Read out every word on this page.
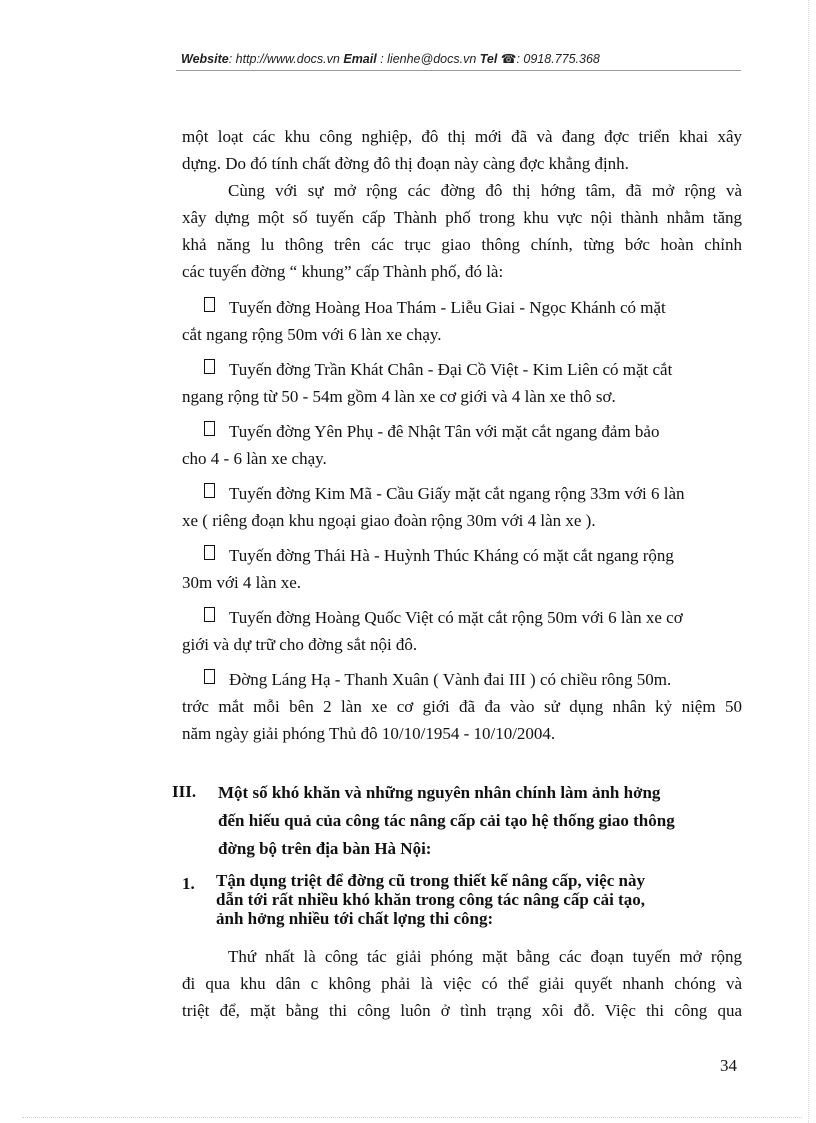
Website: http://www.docs.vn Email : lienhe@docs.vn Tel ☎: 0918.775.368
một loạt các khu công nghiệp, đô thị mới đã và đang đợc triển khai xây
dựng. Do đó tính chất đờng đô thị đoạn này càng đợc khẳng định.
Cùng với sự mở rộng các đờng đô thị hớng tâm, đã mở rộng và
xây dựng một số tuyến cấp Thành phố trong khu vực nội thành nhằm tăng
khả năng lu thông trên các trục giao thông chính, từng bớc hoàn chỉnh
các tuyến đờng “ khung” cấp Thành phố, đó là:
Tuyến đờng Hoàng Hoa Thám - Liễu Giai - Ngọc Khánh có mặt
cắt ngang rộng 50m với 6 làn xe chạy.
Tuyến đờng Trần Khát Chân - Đại Cồ Việt - Kim Liên có mặt cắt
ngang rộng từ 50 - 54m gồm 4 làn xe cơ giới và 4 làn xe thô sơ.
Tuyến đờng Yên Phụ - đê Nhật Tân với mặt cắt ngang đảm bảo
cho 4 - 6 làn xe chạy.
Tuyến đờng Kim Mã - Cầu Giấy mặt cắt ngang rộng 33m với 6 làn
xe ( riêng đoạn khu ngoại giao đoàn rộng 30m với 4 làn xe ).
Tuyến đờng Thái Hà - Huỳnh Thúc Kháng có mặt cắt ngang rộng
30m với 4 làn xe.
Tuyến đờng Hoàng Quốc Việt có mặt cắt rộng 50m với 6 làn xe cơ
giới và dự trữ cho đờng sắt nội đô.
Đờng Láng Hạ - Thanh Xuân ( Vành đai III ) có chiều rông 50m.
trớc mắt mỗi bên 2 làn xe cơ giới đã đa vào sử dụng nhân kỷ niệm 50
năm ngày giải phóng Thủ đô 10/10/1954 - 10/10/2004.
III. Một số khó khăn và những nguyên nhân chính làm ảnh hởng
đến hiếu quả của công tác nâng cấp cải tạo hệ thống giao thông
đờng bộ trên địa bàn Hà Nội:
1. Tận dụng triệt để đờng cũ trong thiết kế nâng cấp, việc này
dẫn tới rất nhiều khó khăn trong công tác nâng cấp cải tạo,
ảnh hởng nhiều tới chất lợng thi công:
Thứ nhất là công tác giải phóng mặt bằng các đoạn tuyến mở rộng
đi qua khu dân c không phải là việc có thể giải quyết nhanh chóng và
triệt để, mặt bằng thi công luôn ở tình trạng xôi đỗ. Việc thi công qua
34
